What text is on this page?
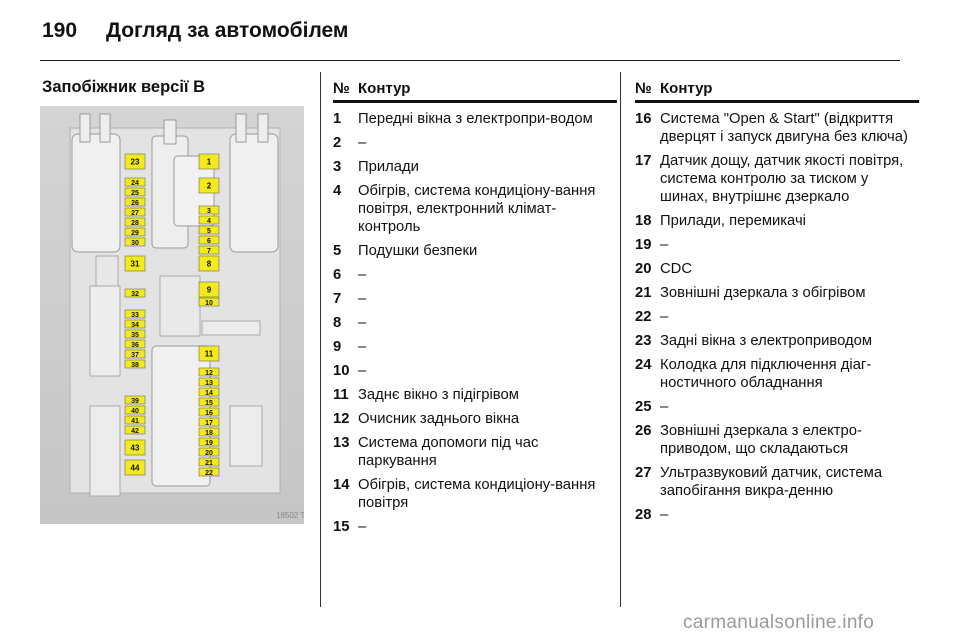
190 Догляд за автомобілем
Запобіжник версії B
23
24
25
26
27
28
29
30
31
32
33
34
35
36
37
38
39
40
41
42
43
44
1
2
3
4
5
6
7
8
9
10
11
12
13
14
15
16
17
18
19
20
21
22
18502 T
№ Контур
1	Передні вікна з електропри-водом
2	–
3	Прилади
4	Обігрів, система кондиціону-вання повітря, електронний клімат-контроль
5	Подушки безпеки
6	–
7	–
8	–
9	–
10 –
11 Заднє вікно з підігрівом
12 Очисник заднього вікна
13 Система допомоги під час паркування
14 Обігрів, система кондиціону-вання повітря
15 –
№ Контур
16 Система "Open & Start" (відкриття дверцят і запуск двигуна без ключа)
17 Датчик дощу, датчик якості повітря, система контролю за тиском у шинах, внутрішнє дзеркало
18 Прилади, перемикачі
19 –
20 CDC
21 Зовнішні дзеркала з обігрівом
22 –
23 Задні вікна з електроприводом
24 Колодка для підключення діаг-ностичного обладнання
25 –
26 Зовнішні дзеркала з електро-приводом, що складаються
27 Ультразвуковий датчик, система запобігання викра-денню
28 –
carmanualsonline.info
